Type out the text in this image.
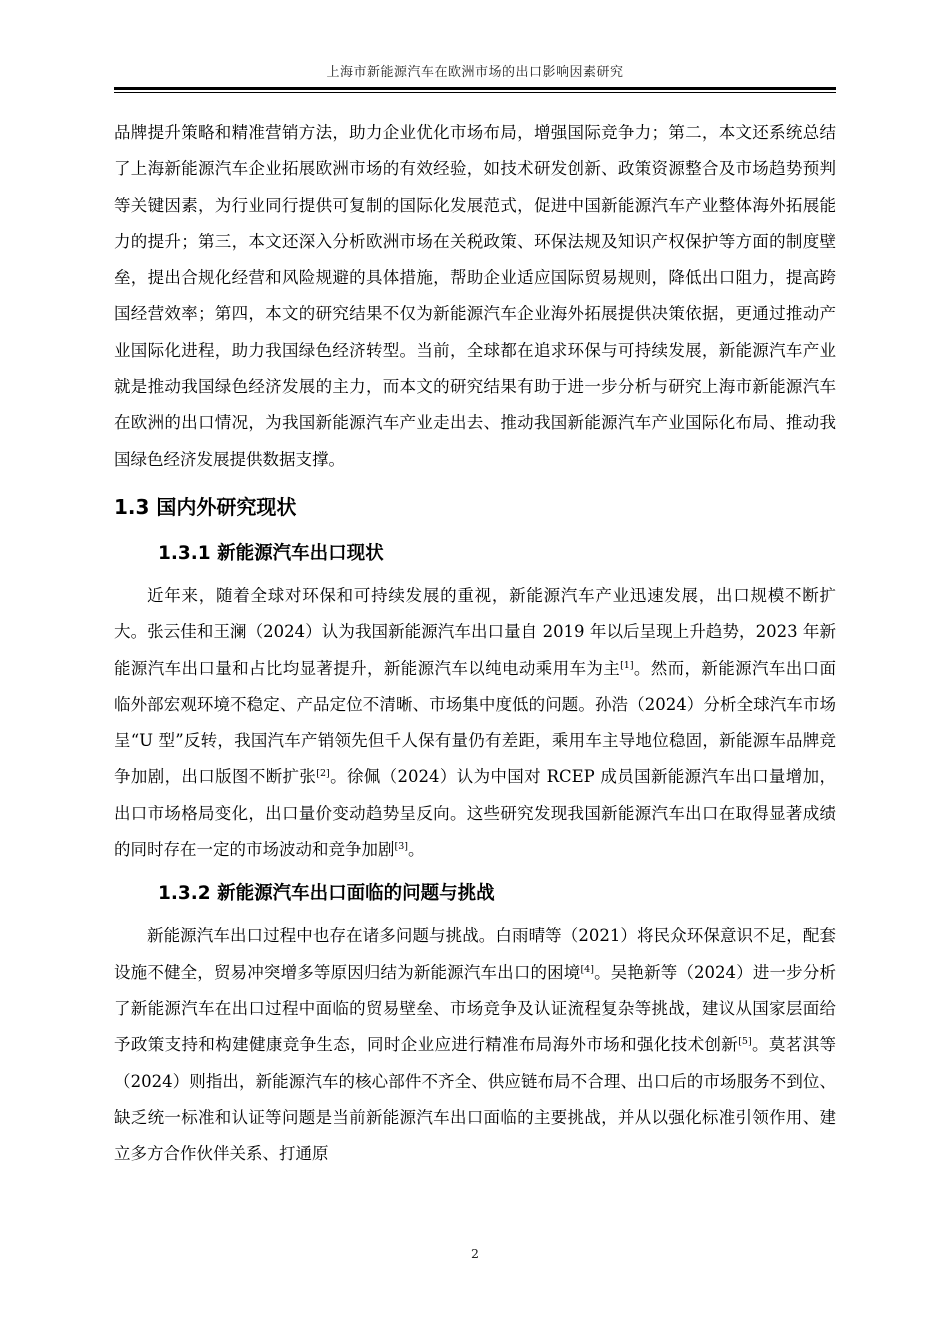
上海市新能源汽车在欧洲市场的出口影响因素研究

品牌提升策略和精准营销方法，助力企业优化市场布局，增强国际竞争力；第二，本文还系统总结了上海新能源汽车企业拓展欧洲市场的有效经验，如技术研发创新、政策资源整合及市场趋势预判等关键因素，为行业同行提供可复制的国际化发展范式，促进中国新能源汽车产业整体海外拓展能力的提升；第三，本文还深入分析欧洲市场在关税政策、环保法规及知识产权保护等方面的制度壁垒，提出合规化经营和风险规避的具体措施，帮助企业适应国际贸易规则，降低出口阻力，提高跨国经营效率；第四，本文的研究结果不仅为新能源汽车企业海外拓展提供决策依据，更通过推动产业国际化进程，助力我国绿色经济转型。当前，全球都在追求环保与可持续发展，新能源汽车产业就是推动我国绿色经济发展的主力，而本文的研究结果有助于进一步分析与研究上海市新能源汽车在欧洲的出口情况，为我国新能源汽车产业走出去、推动我国新能源汽车产业国际化布局、推动我国绿色经济发展提供数据支撑。

1.3 国内外研究现状
1.3.1 新能源汽车出口现状

近年来，随着全球对环保和可持续发展的重视，新能源汽车产业迅速发展，出口规模不断扩大。张云佳和王澜（2024）认为我国新能源汽车出口量自 2019 年以后呈现上升趋势，2023 年新能源汽车出口量和占比均显著提升，新能源汽车以纯电动乘用车为主[1]。然而，新能源汽车出口面临外部宏观环境不稳定、产品定位不清晰、市场集中度低的问题。孙浩（2024）分析全球汽车市场呈“U 型”反转，我国汽车产销领先但千人保有量仍有差距，乘用车主导地位稳固，新能源车品牌竞争加剧，出口版图不断扩张[2]。徐佩（2024）认为中国对 RCEP 成员国新能源汽车出口量增加，出口市场格局变化，出口量价变动趋势呈反向。这些研究发现我国新能源汽车出口在取得显著成绩的同时存在一定的市场波动和竞争加剧[3]。

1.3.2 新能源汽车出口面临的问题与挑战

新能源汽车出口过程中也存在诸多问题与挑战。白雨晴等（2021）将民众环保意识不足，配套设施不健全，贸易冲突增多等原因归结为新能源汽车出口的困境[4]。吴艳新等（2024）进一步分析了新能源汽车在出口过程中面临的贸易壁垒、市场竞争及认证流程复杂等挑战，建议从国家层面给予政策支持和构建健康竞争生态，同时企业应进行精准布局海外市场和强化技术创新[5]。莫茗淇等（2024）则指出，新能源汽车的核心部件不齐全、供应链布局不合理、出口后的市场服务不到位、缺乏统一标准和认证等问题是当前新能源汽车出口面临的主要挑战，并从以强化标准引领作用、建立多方合作伙伴关系、打通原

2
